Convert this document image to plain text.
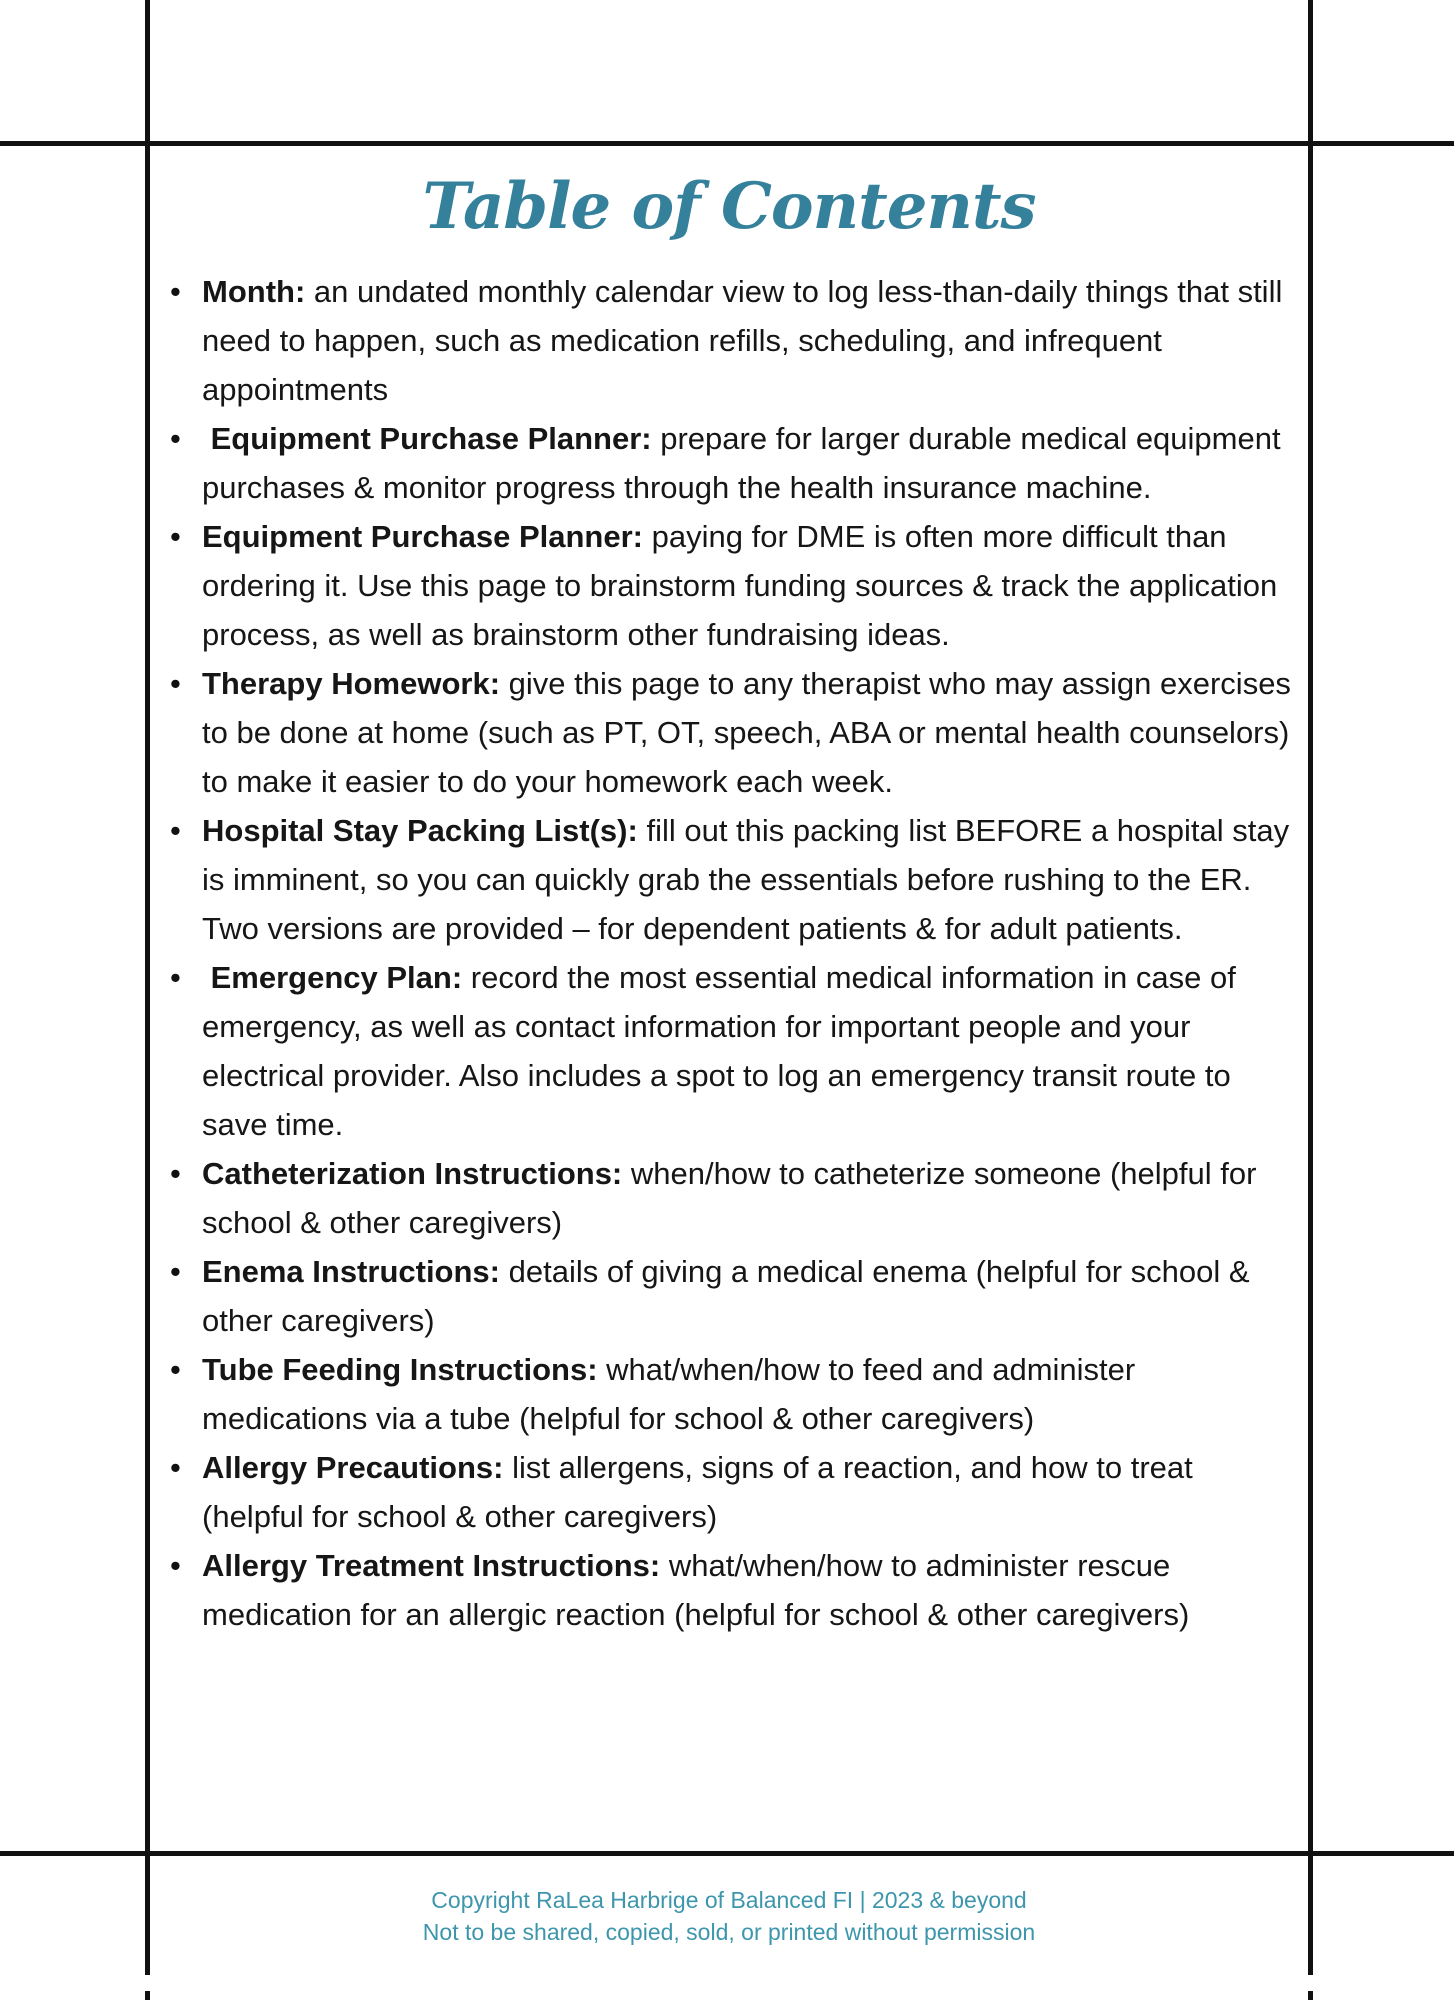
Table of Contents
• Month: an undated monthly calendar view to log less-than-daily things that still need to happen, such as medication refills, scheduling, and infrequent appointments
•  Equipment Purchase Planner: prepare for larger durable medical equipment purchases & monitor progress through the health insurance machine.
• Equipment Purchase Planner: paying for DME is often more difficult than ordering it. Use this page to brainstorm funding sources & track the application process, as well as brainstorm other fundraising ideas.
• Therapy Homework: give this page to any therapist who may assign exercises to be done at home (such as PT, OT, speech, ABA or mental health counselors) to make it easier to do your homework each week.
• Hospital Stay Packing List(s): fill out this packing list BEFORE a hospital stay is imminent, so you can quickly grab the essentials before rushing to the ER. Two versions are provided – for dependent patients & for adult patients.
•  Emergency Plan: record the most essential medical information in case of emergency, as well as contact information for important people and your electrical provider. Also includes a spot to log an emergency transit route to save time.
• Catheterization Instructions: when/how to catheterize someone (helpful for school & other caregivers)
• Enema Instructions: details of giving a medical enema (helpful for school & other caregivers)
• Tube Feeding Instructions: what/when/how to feed and administer medications via a tube (helpful for school & other caregivers)
• Allergy Precautions: list allergens, signs of a reaction, and how to treat (helpful for school & other caregivers)
• Allergy Treatment Instructions: what/when/how to administer rescue medication for an allergic reaction (helpful for school & other caregivers)
Copyright RaLea Harbrige of Balanced FI | 2023 & beyond
Not to be shared, copied, sold, or printed without permission
